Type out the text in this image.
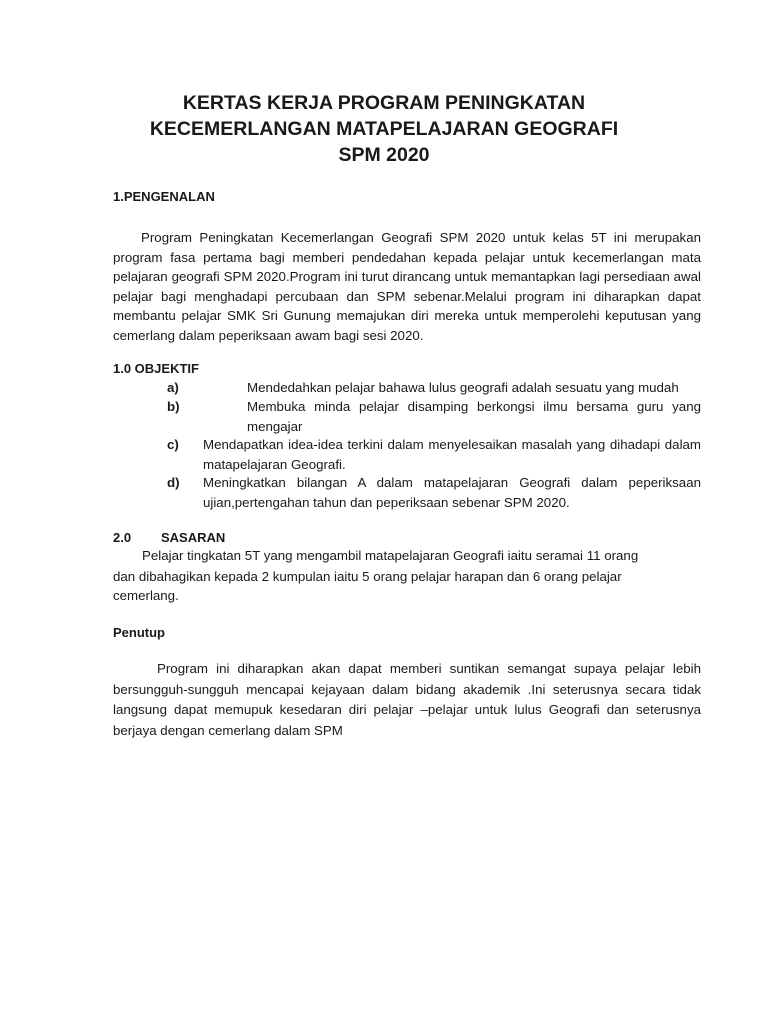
KERTAS KERJA PROGRAM PENINGKATAN
KECEMERLANGAN MATAPELAJARAN GEOGRAFI
SPM 2020
1.PENGENALAN
Program Peningkatan Kecemerlangan Geografi SPM 2020 untuk kelas 5T ini merupakan program fasa pertama bagi memberi pendedahan kepada pelajar untuk kecemerlangan mata pelajaran geografi SPM 2020.Program ini turut dirancang untuk memantapkan lagi persediaan awal pelajar bagi menghadapi percubaan dan SPM sebenar.Melalui program ini diharapkan dapat membantu pelajar SMK Sri Gunung memajukan diri mereka untuk memperolehi keputusan yang cemerlang dalam peperiksaan awam bagi sesi 2020.
1.0 OBJEKTIF
a)	Mendedahkan pelajar bahawa lulus geografi adalah sesuatu yang mudah
b)	Membuka minda pelajar disamping berkongsi ilmu bersama guru yang mengajar
c) Mendapatkan idea-idea terkini dalam menyelesaikan masalah yang dihadapi dalam matapelajaran Geografi.
d) Meningkatkan bilangan A dalam matapelajaran Geografi dalam peperiksaan ujian,pertengahan tahun dan peperiksaan sebenar SPM 2020.
2.0 SASARAN
Pelajar tingkatan 5T yang mengambil matapelajaran Geografi iaitu seramai 11 orang
dan dibahagikan kepada 2 kumpulan iaitu 5 orang pelajar harapan dan 6 orang pelajar
cemerlang.
Penutup
Program ini diharapkan akan dapat memberi suntikan semangat supaya pelajar lebih bersungguh-sungguh mencapai kejayaan dalam bidang akademik .Ini seterusnya secara tidak langsung dapat memupuk kesedaran diri pelajar –pelajar untuk lulus Geografi dan seterusnya berjaya dengan cemerlang dalam SPM
